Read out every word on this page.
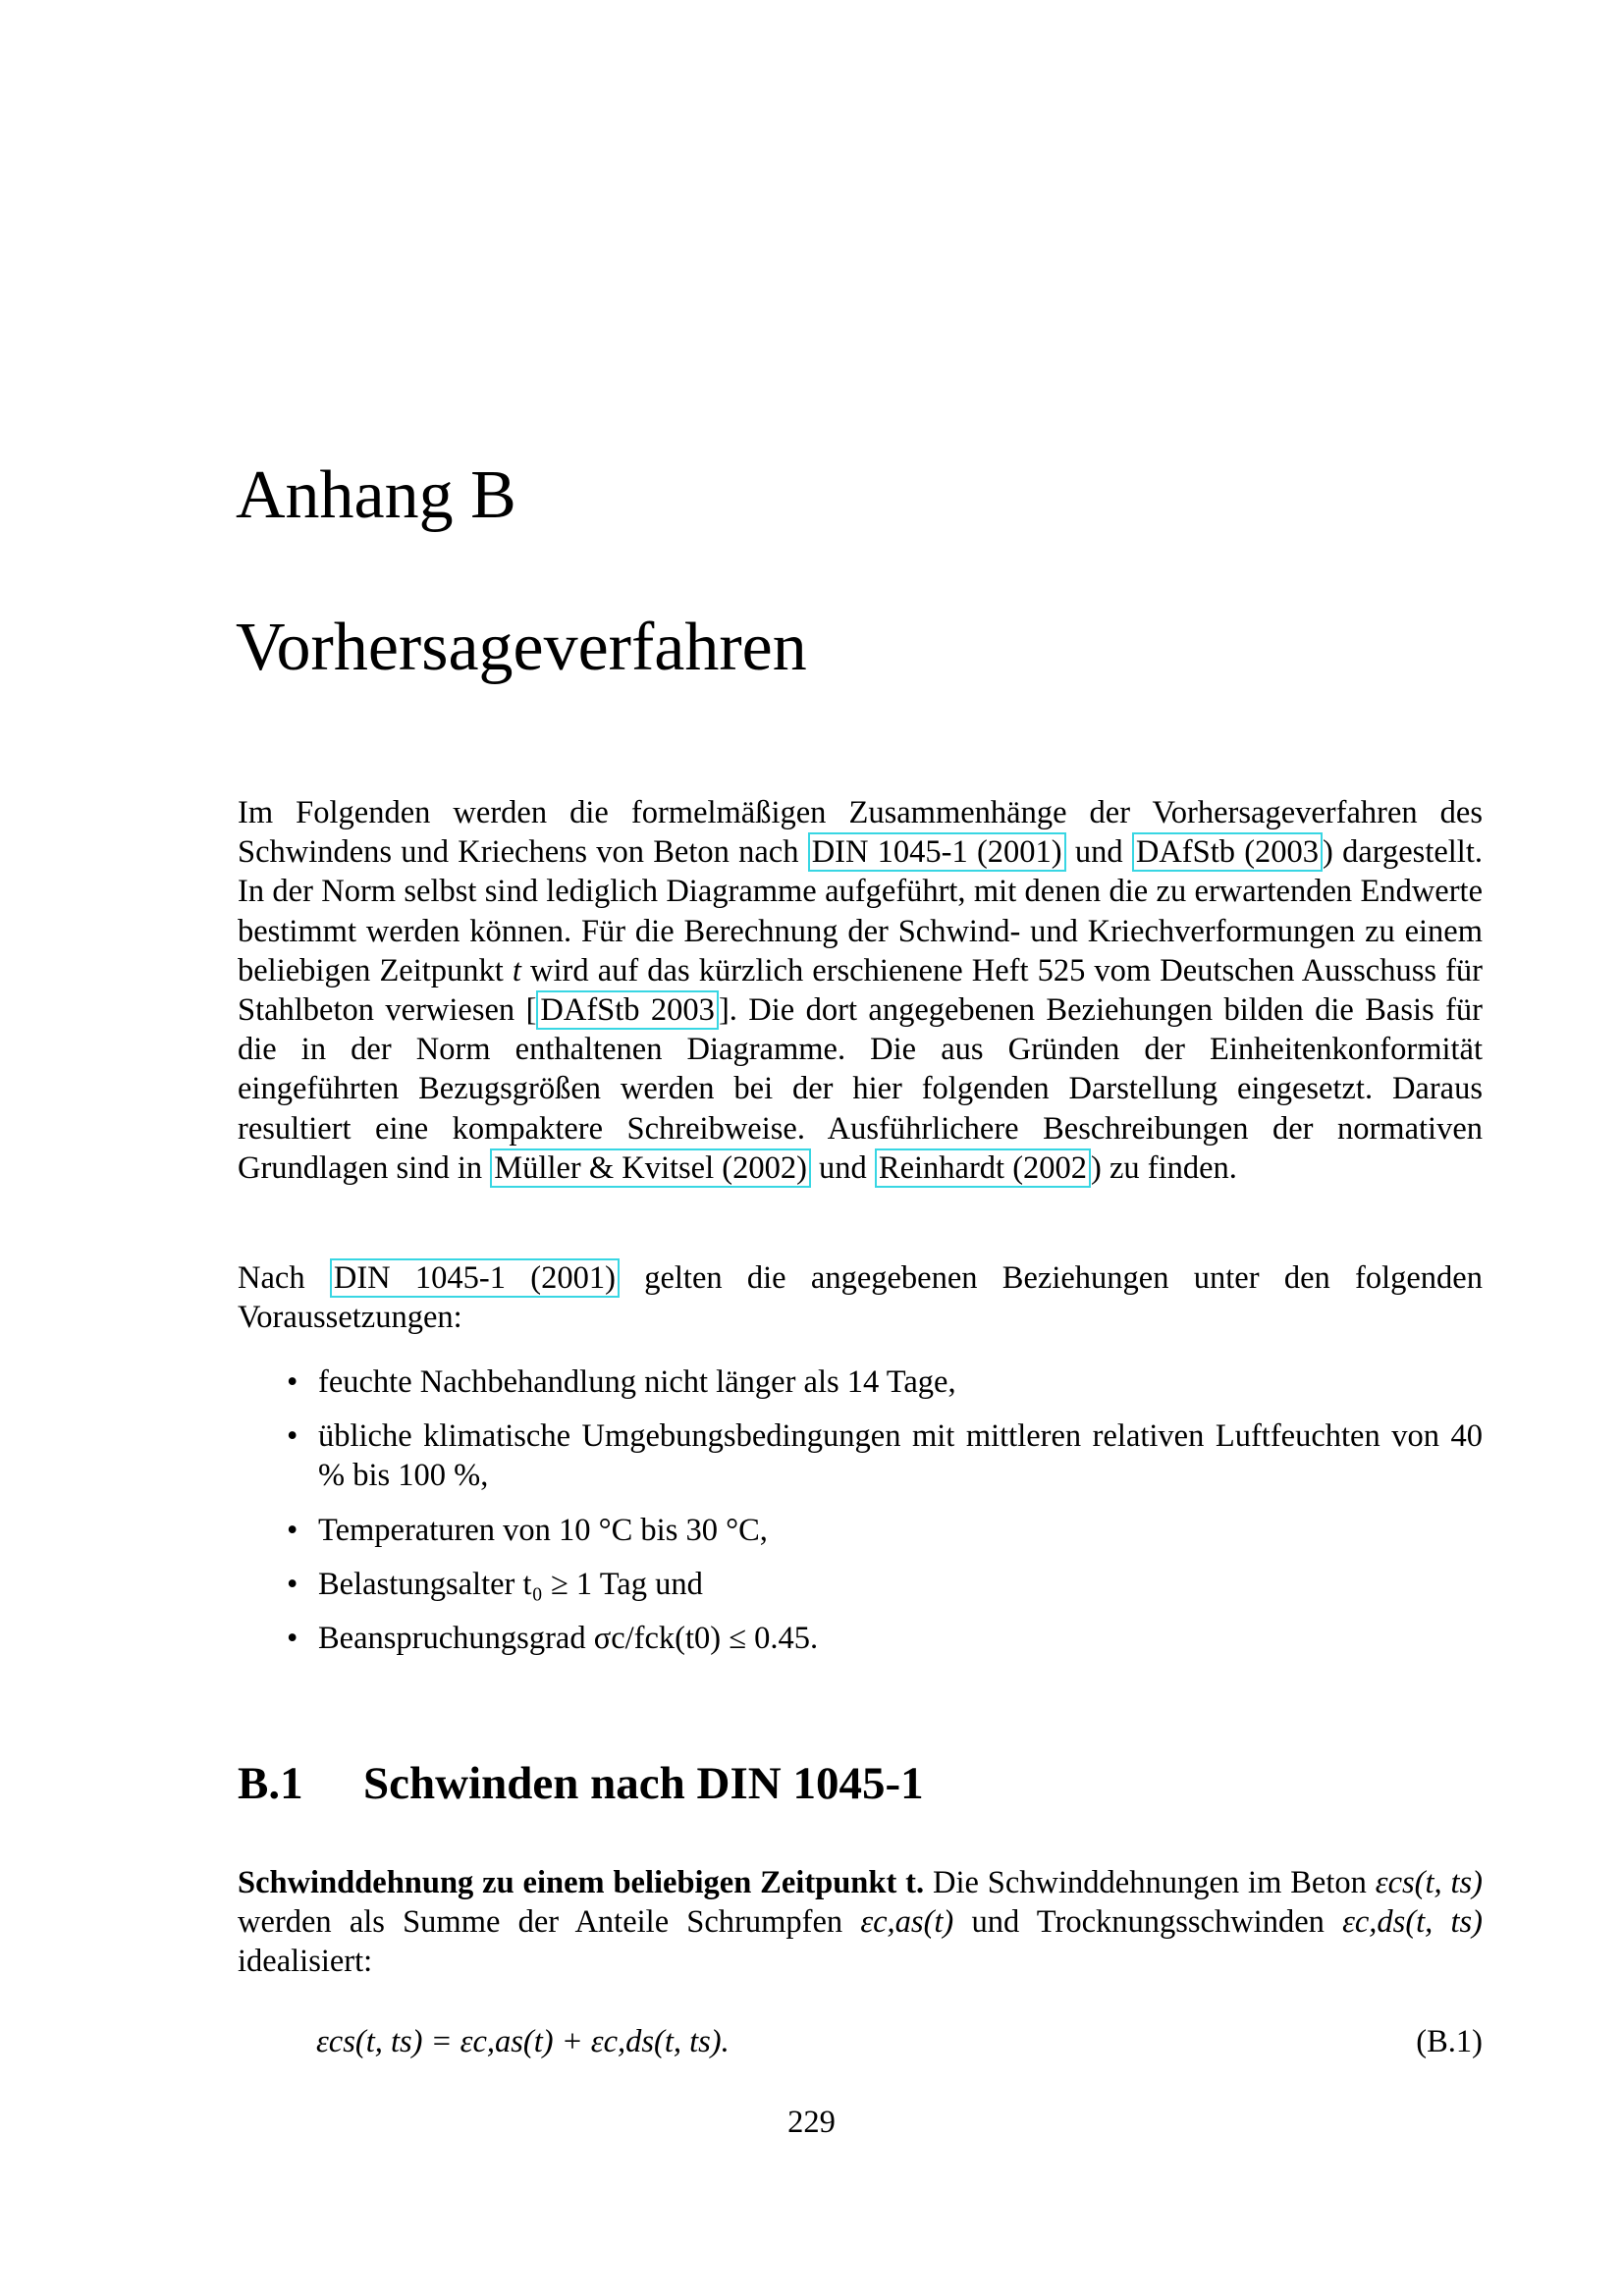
Anhang B
Vorhersageverfahren

Im Folgenden werden die formelmäßigen Zusammenhänge der Vorhersageverfahren des Schwindens und Kriechens von Beton nach DIN 1045-1 (2001) und DAfStb (2003 ) dargestellt. In der Norm selbst sind lediglich Diagramme aufgeführt, mit denen die zu erwartenden Endwerte bestimmt werden können. Für die Berechnung der Schwind- und Kriechverformungen zu einem beliebigen Zeitpunkt t wird auf das kürzlich erschienene Heft 525 vom Deutschen Ausschuss für Stahlbeton verwiesen [ DAfStb 2003 ]. Die dort angegebenen Beziehungen bilden die Basis für die in der Norm enthaltenen Diagramme. Die aus Gründen der Einheitenkonformität eingeführten Bezugsgrößen werden bei der hier folgenden Darstellung eingesetzt. Daraus resultiert eine kompaktere Schreibweise. Ausführlichere Beschreibungen der normativen Grundlagen sind in Müller & Kvitsel (2002) und Reinhardt (2002 ) zu finden.

Nach DIN 1045-1 (2001) gelten die angegebenen Beziehungen unter den folgenden Voraussetzungen:

• feuchte Nachbehandlung nicht länger als 14 Tage,
• übliche klimatische Umgebungsbedingungen mit mittleren relativen Luftfeuchten von 40 % bis 100 %,
• Temperaturen von 10 °C bis 30 °C,
• Belastungsalter t₀ ≥ 1 Tag und
• Beanspruchungsgrad σc/fck(t0) ≤ 0.45.
B.1 Schwinden nach DIN 1045-1

Schwinddehnung zu einem beliebigen Zeitpunkt t. Die Schwinddehnungen im Beton εcs(t, ts) werden als Summe der Anteile Schrumpfen εc,as(t) und Trocknungsschwinden εc,ds(t, ts) idealisiert:

εcs(t, ts) = εc,as(t) + εc,ds(t, ts).	(B.1)
229
